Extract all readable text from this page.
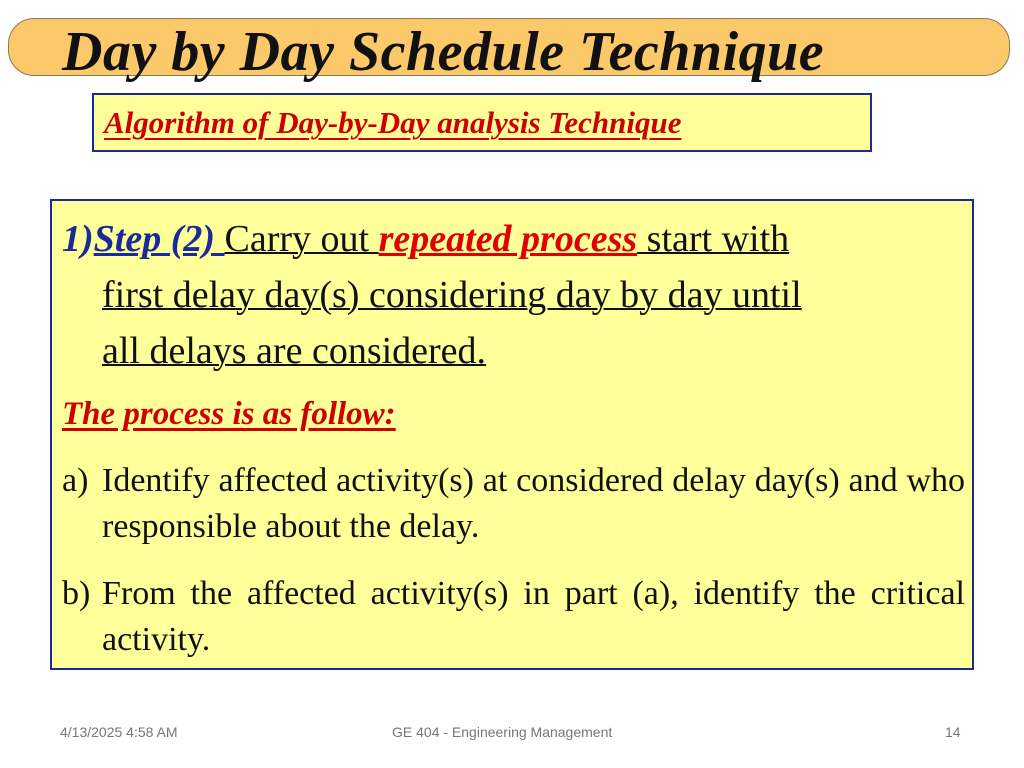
Day by Day Schedule Technique
Algorithm of Day-by-Day analysis Technique
1)Step (2) Carry out repeated process start with
first delay day(s) considering day by day until
all delays are considered.
The process is as follow:
a) Identify affected activity(s) at considered delay day(s) and who responsible about the delay.
b) From the affected activity(s) in part (a), identify the critical activity.
4/13/2025 4:58 AM	GE 404 - Engineering Management	14
